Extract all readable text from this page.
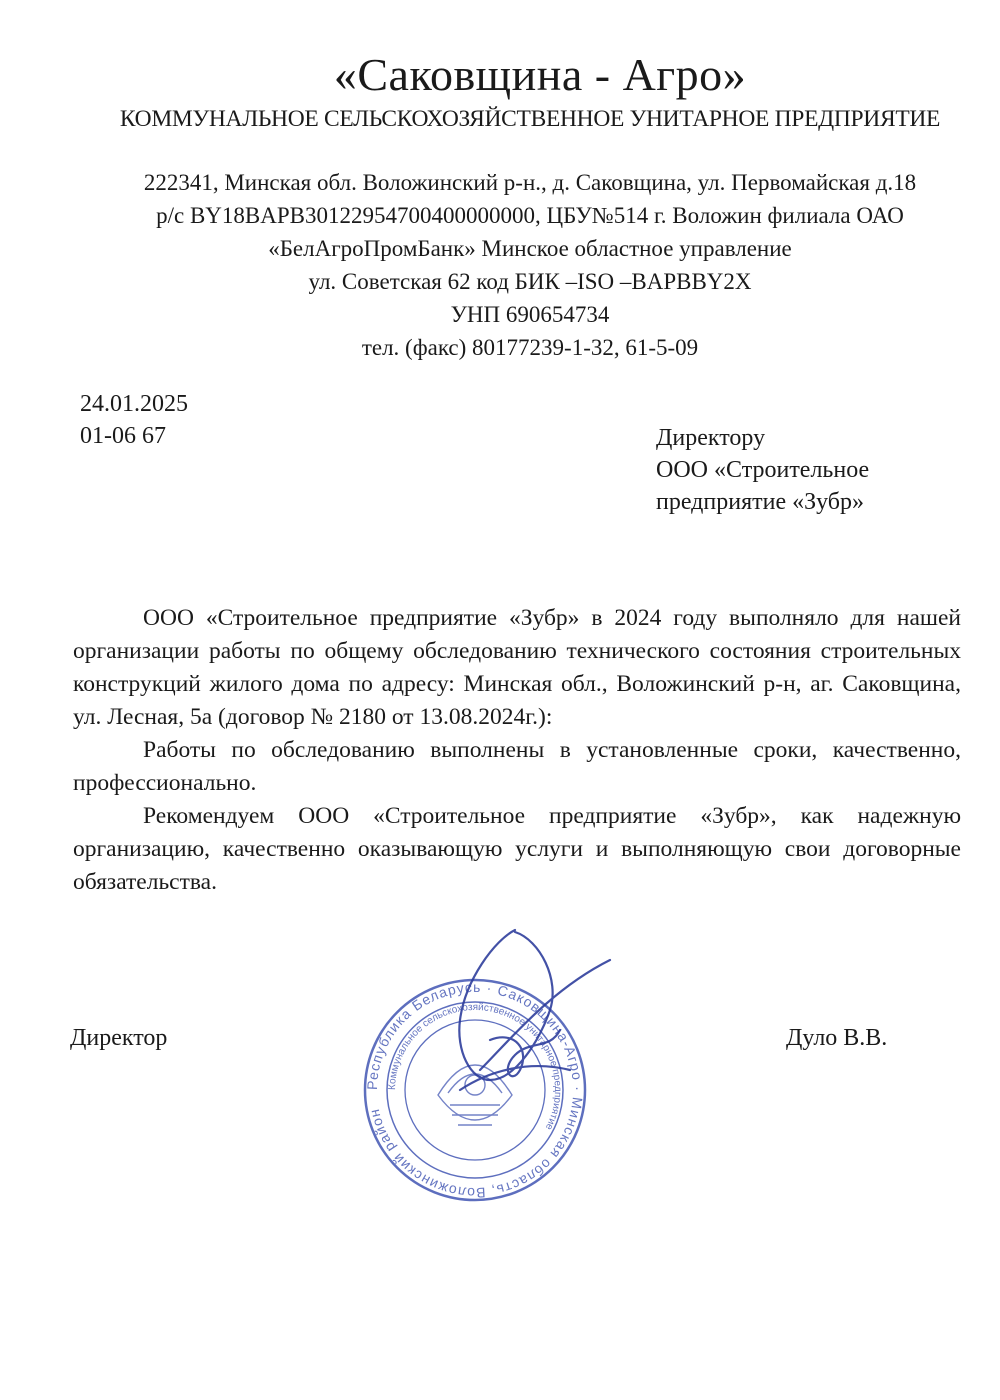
«Саковщина - Агро»
КОММУНАЛЬНОЕ СЕЛЬСКОХОЗЯЙСТВЕННОЕ УНИТАРНОЕ ПРЕДПРИЯТИЕ
222341, Минская обл. Воложинский р-н., д. Саковщина, ул. Первомайская д.18
р/с BY18BAPB30122954700400000000, ЦБУ№514 г. Воложин филиала ОАО
«БелАгроПромБанк» Минское областное управление
ул. Советская 62 код БИК –ISO –BAPBBY2X
УНП 690654734
тел. (факс) 80177239-1-32, 61-5-09
24.01.2025
01-06 67	Директору
ООО «Строительное
предприятие «Зубр»

ООО «Строительное предприятие «Зубр» в 2024 году выполняло для нашей организации работы по общему обследованию технического состояния строительных конструкций жилого дома по адресу: Минская обл., Воложинский р-н, аг. Саковщина, ул. Лесная, 5а (договор № 2180 от 13.08.2024г.):

Работы по обследованию выполнены в установленные сроки, качественно, профессионально.

Рекомендуем ООО «Строительное предприятие «Зубр», как надежную организацию, качественно оказывающую услуги и выполняющую свои договорные обязательства.

Директор	Дуло В.В.
Республика Беларусь · Саковщина-Агро · Минская область, Воложинский район
Коммунальное сельскохозяйственное унитарное предприятие
